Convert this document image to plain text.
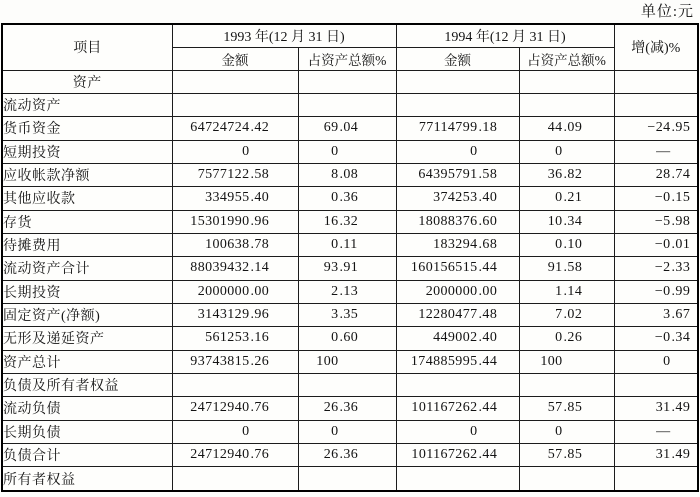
单位:元
项目	1993 年(12 月 31 日)		1994 年(12 月 31 日)		增(减)%
	金额	占资产总额%	金额	占资产总额%	
资产					
流动资产					
货币资金	64724724.42	69.04	77114799.18	44.09	−24.95
短期投资	0	0	0	0	—
应收帐款净额	7577122.58	8.08	64395791.58	36.82	28.74
其他应收款	334955.40	0.36	374253.40	0.21	−0.15
存货	15301990.96	16.32	18088376.60	10.34	−5.98
待摊费用	100638.78	0.11	183294.68	0.10	−0.01
流动资产合计	88039432.14	93.91	160156515.44	91.58	−2.33
长期投资	2000000.00	2.13	2000000.00	1.14	−0.99
固定资产(净额)	3143129.96	3.35	12280477.48	7.02	3.67
无形及递延资产	561253.16	0.60	449002.40	0.26	−0.34
资产总计	93743815.26	100	174885995.44	100	0
负债及所有者权益					
流动负债	24712940.76	26.36	101167262.44	57.85	31.49
长期负债	0	0	0	0	—
负债合计	24712940.76	26.36	101167262.44	57.85	31.49
所有者权益					
